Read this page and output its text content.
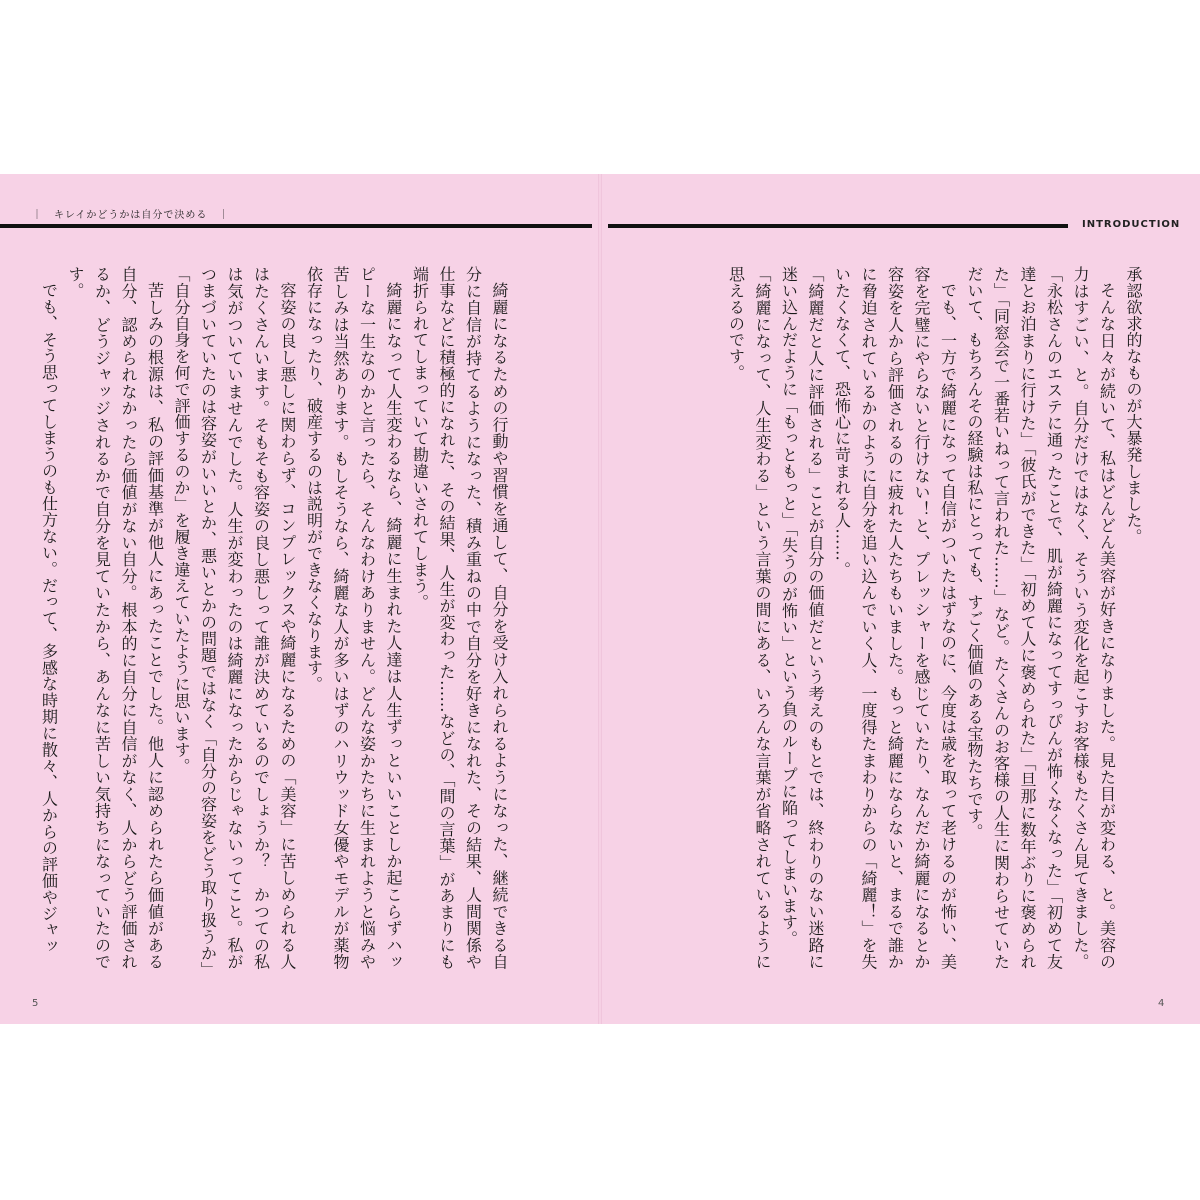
｜　キレイかどうかは自分で決める　｜
INTRODUCTION

承認欲求的なものが大暴発しました。

そんな日々が続いて、私はどんどん美容が好きになりました。見た目が変わる、と。美容の力はすごい、と。自分だけではなく、そういう変化を起こすお客様もたくさん見てきました。「永松さんのエステに通ったことで、肌が綺麗になってすっぴんが怖くなくなった」「初めて友達とお泊まりに行けた」「彼氏ができた」「初めて人に褒められた」「旦那に数年ぶりに褒められた」「同窓会で一番若いねって言われた……」など。たくさんのお客様の人生に関わらせていただいて、もちろんその経験は私にとっても、すごく価値のある宝物たちです。

でも、一方で綺麗になって自信がついたはずなのに、今度は歳を取って老けるのが怖い、美容を完璧にやらないと行けない！と、プレッシャーを感じていたり、なんだか綺麗になるとか容姿を人から評価されるのに疲れた人たちもいました。もっと綺麗にならないと、まるで誰かに脅迫されているかのように自分を追い込んでいく人、一度得たまわりからの「綺麗！」を失いたくなくて、恐怖心に苛まれる人……。

「綺麗だと人に評価される」ことが自分の価値だという考えのもとでは、終わりのない迷路に迷い込んだように「もっともっと」「失うのが怖い」という負のループに陥ってしまいます。

「綺麗になって、人生変わる」という言葉の間にある、いろんな言葉が省略されているように思えるのです。

綺麗になるための行動や習慣を通して、自分を受け入れられるようになった、継続できる自分に自信が持てるようになった、積み重ねの中で自分を好きになれた、その結果、人間関係や仕事などに積極的になれた、その結果、人生が変わった……などの、「間の言葉」があまりにも端折られてしまっていて勘違いされてしまう。

綺麗になって人生変わるなら、綺麗に生まれた人達は人生ずっといいことしか起こらずハッピーな一生なのかと言ったら、そんなわけありません。どんな姿かたちに生まれようと悩みや苦しみは当然あります。もしそうなら、綺麗な人が多いはずのハリウッド女優やモデルが薬物依存になったり、破産するのは説明ができなくなります。

容姿の良し悪しに関わらず、コンプレックスや綺麗になるための「美容」に苦しめられる人はたくさんいます。そもそも容姿の良し悪しって誰が決めているのでしょうか？　かつての私は気がついていませんでした。人生が変わったのは綺麗になったからじゃないってこと。私がつまづいていたのは容姿がいいとか、悪いとかの問題ではなく「自分の容姿をどう取り扱うか」「自分自身を何で評価するのか」を履き違えていたように思います。

苦しみの根源は、私の評価基準が他人にあったことでした。他人に認められたら価値がある自分、認められなかったら価値がない自分。根本的に自分に自信がなく、人からどう評価されるか、どうジャッジされるかで自分を見ていたから、あんなに苦しい気持ちになっていたのです。

でも、そう思ってしまうのも仕方ない。だって、多感な時期に散々、人からの評価やジャッ

5	4
